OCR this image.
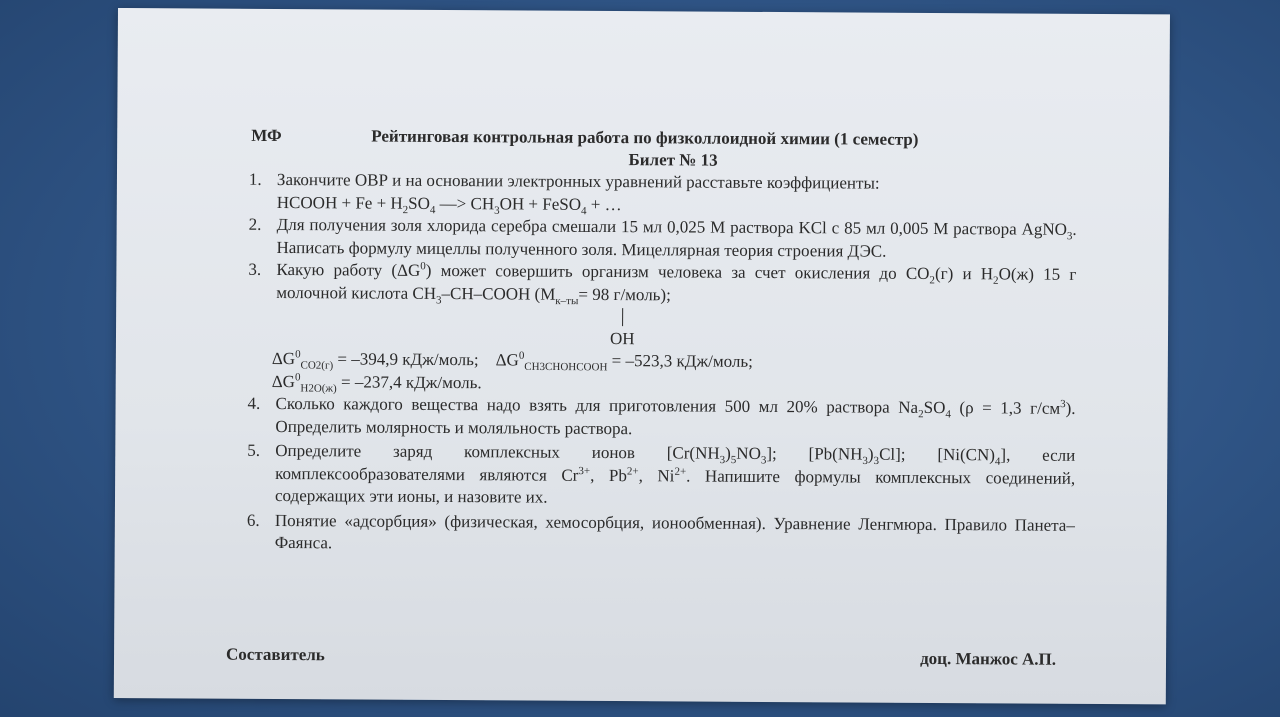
МФ	Рейтинговая контрольная работа по физколлоидной химии (1 семестр)
Билет № 13
1. Закончите ОВР и на основании электронных уравнений расставьте коэффициенты:
HCOOH + $Fe + H_2SO_4$ —> $CH_3OH$ + FeSO$_4$ + …
2. Для получения золя хлорида серебра смешали 15 мл 0,025 М раствора KCl с 85 мл 0,005 М раствора AgNO$_3$. Написать формулу мицеллы полученного золя. Мицеллярная теория строения ДЭС.
3. Какую работу $(\Delta G^0)$ может совершить организм человека за счет окисления до $CO_2(г)$ и $H_2O(ж)$ 15 г молочной кислота $CH_3-CH$–COOH ($M_{к-ты}= 98$ г/моль);
OH
$\Delta G^0_{CO2(г)} = -394,9$ кДж/моль; $\Delta G^0_{CH3CHOHCOOH} = -523,3$ кДж/моль;
$\Delta G^0_{H2O(ж)} = -237,4$ кДж/моль.
4. Сколько каждого вещества надо взять для приготовления 500 мл 20% раствора $Na_2SO_4$ (ρ = 1,3 $г/см^3$). Определить молярность и моляльность раствора.
5. Определите заряд комплексных ионов $[Cr(NH_3)_5NO_3]$; $[Pb(NH_3)_3Cl]$; $[Ni(CN)_4]$, если комплексообразователями являются $Cr^{3+}$, $Pb^{2+}$, $Ni^{2+}$. Напишите формулы комплексных соединений, содержащих эти ионы, и назовите их.
6. Понятие «адсорбция» (физическая, хемосорбция, ионообменная). Уравнение Ленгмюра. Правило Панета–Фаянса.
Составитель	доц. Манжос А.П.
